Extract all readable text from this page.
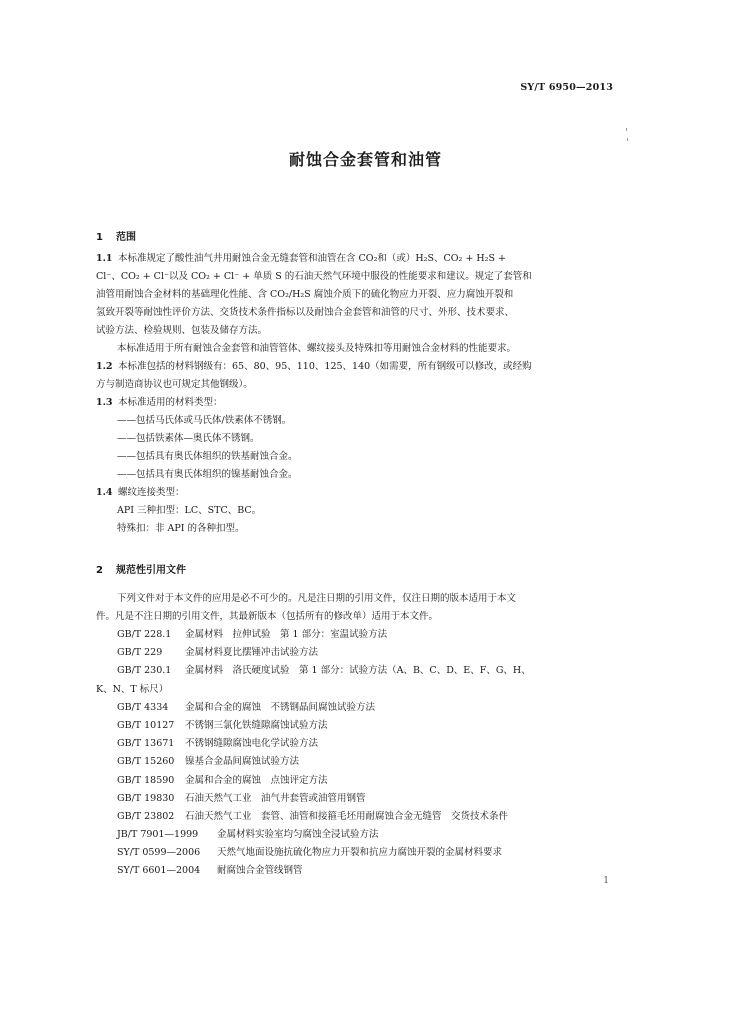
SY/T 6950—2013
耐蚀合金套管和油管
1 范围
1.1 本标准规定了酸性油气井用耐蚀合金无缝套管和油管在含 CO₂和（或）H₂S、CO₂ + H₂S +
Cl⁻、CO₂ + Cl⁻以及 CO₂ + Cl⁻ + 单质 S 的石油天然气环境中服役的性能要求和建议。规定了套管和
油管用耐蚀合金材料的基础理化性能、含 CO₂/H₂S 腐蚀介质下的硫化物应力开裂、应力腐蚀开裂和
氢致开裂等耐蚀性评价方法、交货技术条件指标以及耐蚀合金套管和油管的尺寸、外形、技术要求、
试验方法、检验规则、包装及储存方法。
本标准适用于所有耐蚀合金套管和油管管体、螺纹接头及特殊扣等用耐蚀合金材料的性能要求。
1.2 本标准包括的材料钢级有：65、80、95、110、125、140（如需要，所有钢级可以修改，或经购
方与制造商协议也可规定其他钢级）。
1.3 本标准适用的材料类型：
——包括马氏体或马氏体/铁素体不锈钢。
——包括铁素体—奥氏体不锈钢。
——包括具有奥氏体组织的铁基耐蚀合金。
——包括具有奥氏体组织的镍基耐蚀合金。
1.4 螺纹连接类型：
API 三种扣型：LC、STC、BC。
特殊扣：非 API 的各种扣型。
2 规范性引用文件
下列文件对于本文件的应用是必不可少的。凡是注日期的引用文件，仅注日期的版本适用于本文
件。凡是不注日期的引用文件，其最新版本（包括所有的修改单）适用于本文件。
GB/T 228.1 金属材料　拉伸试验　第 1 部分：室温试验方法
GB/T 229 金属材料夏比摆锤冲击试验方法
GB/T 230.1 金属材料　洛氏硬度试验　第 1 部分：试验方法（A、B、C、D、E、F、G、H、
K、N、T 标尺）
GB/T 4334 金属和合金的腐蚀　不锈钢晶间腐蚀试验方法
GB/T 10127 不锈钢三氯化铁缝隙腐蚀试验方法
GB/T 13671 不锈钢缝隙腐蚀电化学试验方法
GB/T 15260 镍基合金晶间腐蚀试验方法
GB/T 18590 金属和合金的腐蚀　点蚀评定方法
GB/T 19830 石油天然气工业　油气井套管或油管用钢管
GB/T 23802 石油天然气工业　套管、油管和接箍毛坯用耐腐蚀合金无缝管　交货技术条件
JB/T 7901—1999 金属材料实验室均匀腐蚀全浸试验方法
SY/T 0599—2006 天然气地面设施抗硫化物应力开裂和抗应力腐蚀开裂的金属材料要求
SY/T 6601—2004 耐腐蚀合金管线钢管
1
